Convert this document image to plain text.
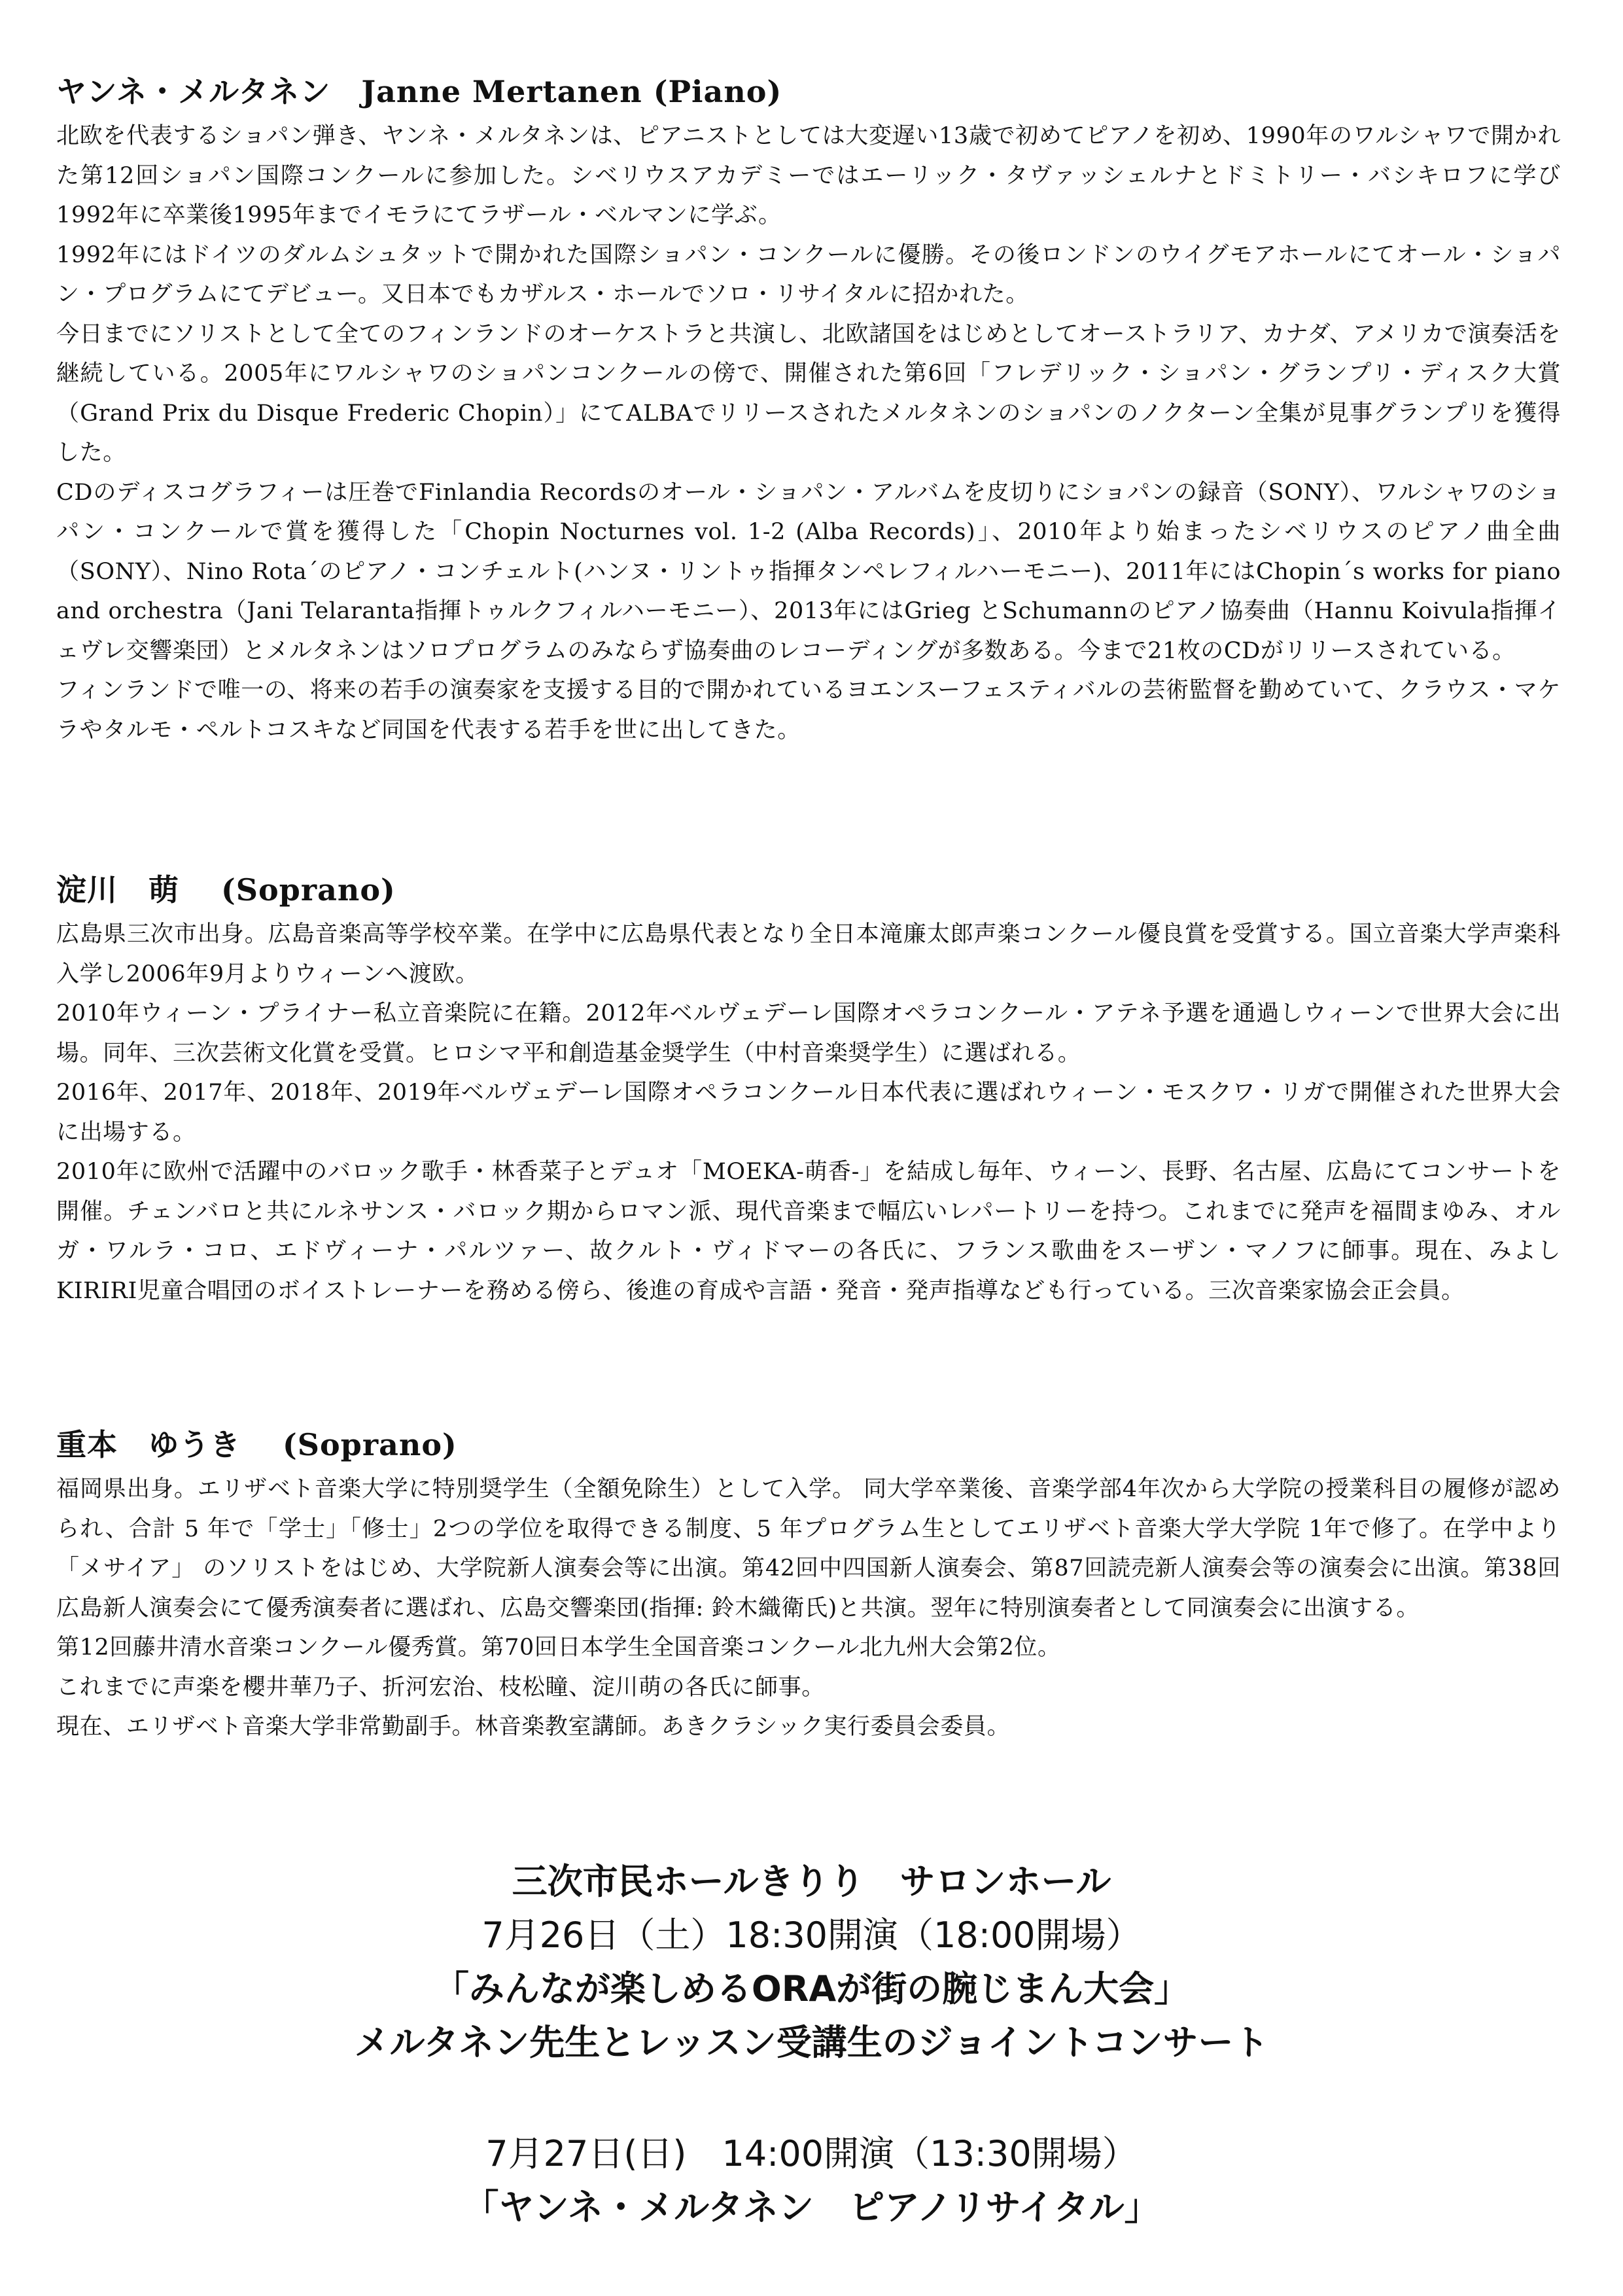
ヤンネ・メルタネン　Janne Mertanen (Piano)

北欧を代表するショパン弾き、ヤンネ・メルタネンは、ピアニストとしては大変遅い13歳で初めてピアノを初め、1990年のワルシャワで開かれた第12回ショパン国際コンクールに参加した。シベリウスアカデミーではエーリック・タヴァッシェルナとドミトリー・バシキロフに学び1992年に卒業後1995年までイモラにてラザール・ベルマンに学ぶ。

1992年にはドイツのダルムシュタットで開かれた国際ショパン・コンクールに優勝。その後ロンドンのウイグモアホールにてオール・ショパン・プログラムにてデビュー。又日本でもカザルス・ホールでソロ・リサイタルに招かれた。

今日までにソリストとして全てのフィンランドのオーケストラと共演し、北欧諸国をはじめとしてオーストラリア、カナダ、アメリカで演奏活を継続している。2005年にワルシャワのショパンコンクールの傍で、開催された第6回「フレデリック・ショパン・グランプリ・ディスク大賞（Grand Prix du Disque Frederic Chopin）」にてALBAでリリースされたメルタネンのショパンのノクターン全集が見事グランプリを獲得した。

CDのディスコグラフィーは圧巻でFinlandia Recordsのオール・ショパン・アルバムを皮切りにショパンの録音（SONY）、ワルシャワのショパン・コンクールで賞を獲得した「Chopin Nocturnes vol. 1-2 (Alba Records)」、2010年より始まったシベリウスのピアノ曲全曲（SONY）、Nino Rota´のピアノ・コンチェルト(ハンヌ・リントゥ指揮タンペレフィルハーモニー)、2011年にはChopin´s works for piano and orchestra（Jani Telaranta指揮トゥルクフィルハーモニー）、2013年にはGrieg とSchumannのピアノ協奏曲（Hannu Koivula指揮イェヴレ交響楽団）とメルタネンはソロプログラムのみならず協奏曲のレコーディングが多数ある。今まで21枚のCDがリリースされている。

フィンランドで唯一の、将来の若手の演奏家を支援する目的で開かれているヨエンスーフェスティバルの芸術監督を勤めていて、クラウス・マケラやタルモ・ペルトコスキなど同国を代表する若手を世に出してきた。

淀川　萌　 (Soprano)

広島県三次市出身。広島音楽高等学校卒業。在学中に広島県代表となり全日本滝廉太郎声楽コンクール優良賞を受賞する。国立音楽大学声楽科入学し2006年9月よりウィーンへ渡欧。

2010年ウィーン・プライナー私立音楽院に在籍。2012年ベルヴェデーレ国際オペラコンクール・アテネ予選を通過しウィーンで世界大会に出場。同年、三次芸術文化賞を受賞。ヒロシマ平和創造基金奨学生（中村音楽奨学生）に選ばれる。

2016年、2017年、2018年、2019年ベルヴェデーレ国際オペラコンクール日本代表に選ばれウィーン・モスクワ・リガで開催された世界大会に出場する。

2010年に欧州で活躍中のバロック歌手・林香菜子とデュオ「MOEKA-萌香-」を結成し毎年、ウィーン、長野、名古屋、広島にてコンサートを開催。チェンバロと共にルネサンス・バロック期からロマン派、現代音楽まで幅広いレパートリーを持つ。これまでに発声を福間まゆみ、オルガ・ワルラ・コロ、エドヴィーナ・パルツァー、故クルト・ヴィドマーの各氏に、フランス歌曲をスーザン・マノフに師事。現在、みよしKIRIRI児童合唱団のボイストレーナーを務める傍ら、後進の育成や言語・発音・発声指導なども行っている。三次音楽家協会正会員。

重本　ゆうき　 (Soprano)

福岡県出身。エリザベト音楽大学に特別奨学生（全額免除生）として入学。 同大学卒業後、音楽学部4年次から大学院の授業科目の履修が認められ、合計 5 年で「学士」「修士」2つの学位を取得できる制度、5 年プログラム生としてエリザベト音楽大学大学院 1年で修了。在学中より「メサイア」 のソリストをはじめ、大学院新人演奏会等に出演。第42回中四国新人演奏会、第87回読売新人演奏会等の演奏会に出演。第38回広島新人演奏会にて優秀演奏者に選ばれ、広島交響楽団(指揮: 鈴木織衛氏)と共演。翌年に特別演奏者として同演奏会に出演する。

第12回藤井清水音楽コンクール優秀賞。第70回日本学生全国音楽コンクール北九州大会第2位。

これまでに声楽を櫻井華乃子、折河宏治、枝松瞳、淀川萌の各氏に師事。

現在、エリザベト音楽大学非常勤副手。林音楽教室講師。あきクラシック実行委員会委員。

三次市民ホールきりり　サロンホール
7月26日（土）18:30開演（18:00開場）
「みんなが楽しめるORAが街の腕じまん大会」
メルタネン先生とレッスン受講生のジョイントコンサート
7月27日(日)　14:00開演（13:30開場）
「ヤンネ・メルタネン　ピアノリサイタル」
